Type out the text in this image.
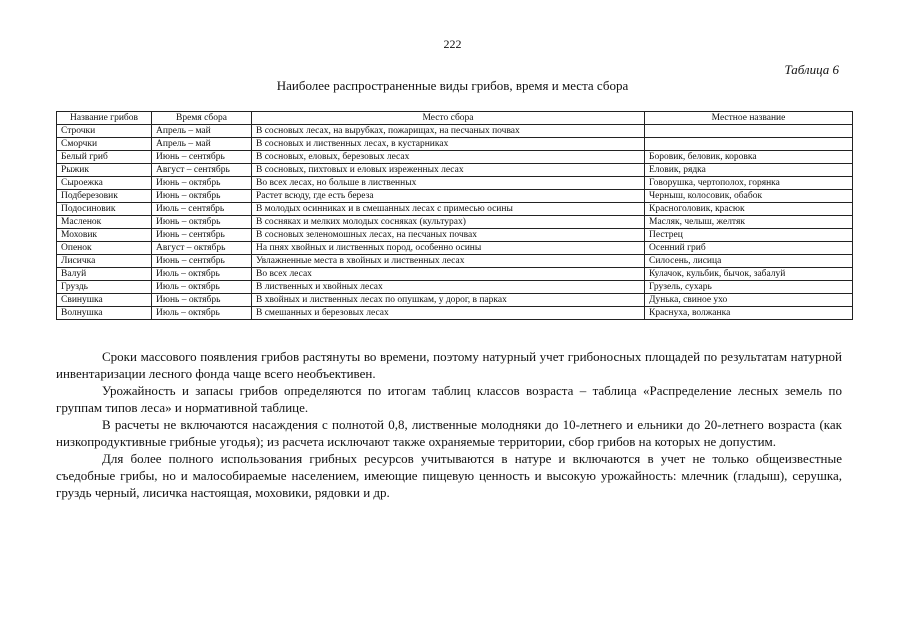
222
Таблица 6
Наиболее распространенные виды грибов, время и места сбора
Название грибов	Время сбора	Место сбора	Местное название
Строчки	Апрель – май	В сосновых лесах, на вырубках, пожарищах, на песчаных почвах	
Сморчки	Апрель – май	В сосновых и лиственных лесах, в кустарниках	
Белый гриб	Июнь – сентябрь	В сосновых, еловых, березовых лесах	Боровик, беловик, коровка
Рыжик	Август – сентябрь	В сосновых, пихтовых и еловых изреженных лесах	Еловик, рядка
Сыроежка	Июнь – октябрь	Во всех лесах, но больше в лиственных	Говорушка, чертополох, горянка
Подберезовик	Июнь – октябрь	Растет всюду, где есть береза	Черныш, колосовик, обабок
Подосиновик	Июль – сентябрь	В молодых осинниках и в смешанных лесах с примесью осины	Красноголовик, красюк
Масленок	Июнь – октябрь	В сосняках и мелких молодых сосняках (культурах)	Масляк, челыш, желтяк
Моховик	Июнь – сентябрь	В сосновых зеленомошных лесах, на песчаных почвах	Пестрец
Опенок	Август – октябрь	На пнях хвойных и лиственных пород, особенно осины	Осенний гриб
Лисичка	Июнь – сентябрь	Увлажненные места в хвойных и лиственных лесах	Силосень, лисица
Валуй	Июль – октябрь	Во всех лесах	Кулачок, кульбик, бычок, забалуй
Груздь	Июль – октябрь	В лиственных и хвойных лесах	Грузель, сухарь
Свинушка	Июнь – октябрь	В хвойных и лиственных лесах по опушкам, у дорог, в парках	Дунька, свиное ухо
Волнушка	Июль – октябрь	В смешанных и березовых лесах	Краснуха, волжанка

Сроки массового появления грибов растянуты во времени, поэтому натурный учет грибоносных площадей по результатам натурной инвентаризации лесного фонда чаще всего необъективен.

Урожайность и запасы грибов определяются по итогам таблиц классов возраста – таблица «Распределение лесных земель по группам типов леса» и нормативной таблице.

В расчеты не включаются насаждения с полнотой 0,8, лиственные молодняки до 10-летнего и ельники до 20-летнего возраста (как низкопродуктивные грибные угодья); из расчета исключают также охраняемые территории, сбор грибов на которых не допустим.

Для более полного использования грибных ресурсов учитываются в натуре и включаются в учет не только общеизвестные съедобные грибы, но и малособираемые населением, имеющие пищевую ценность и высокую урожайность: млечник (гладыш), серушка, груздь черный, лисичка настоящая, моховики, рядовки и др.
